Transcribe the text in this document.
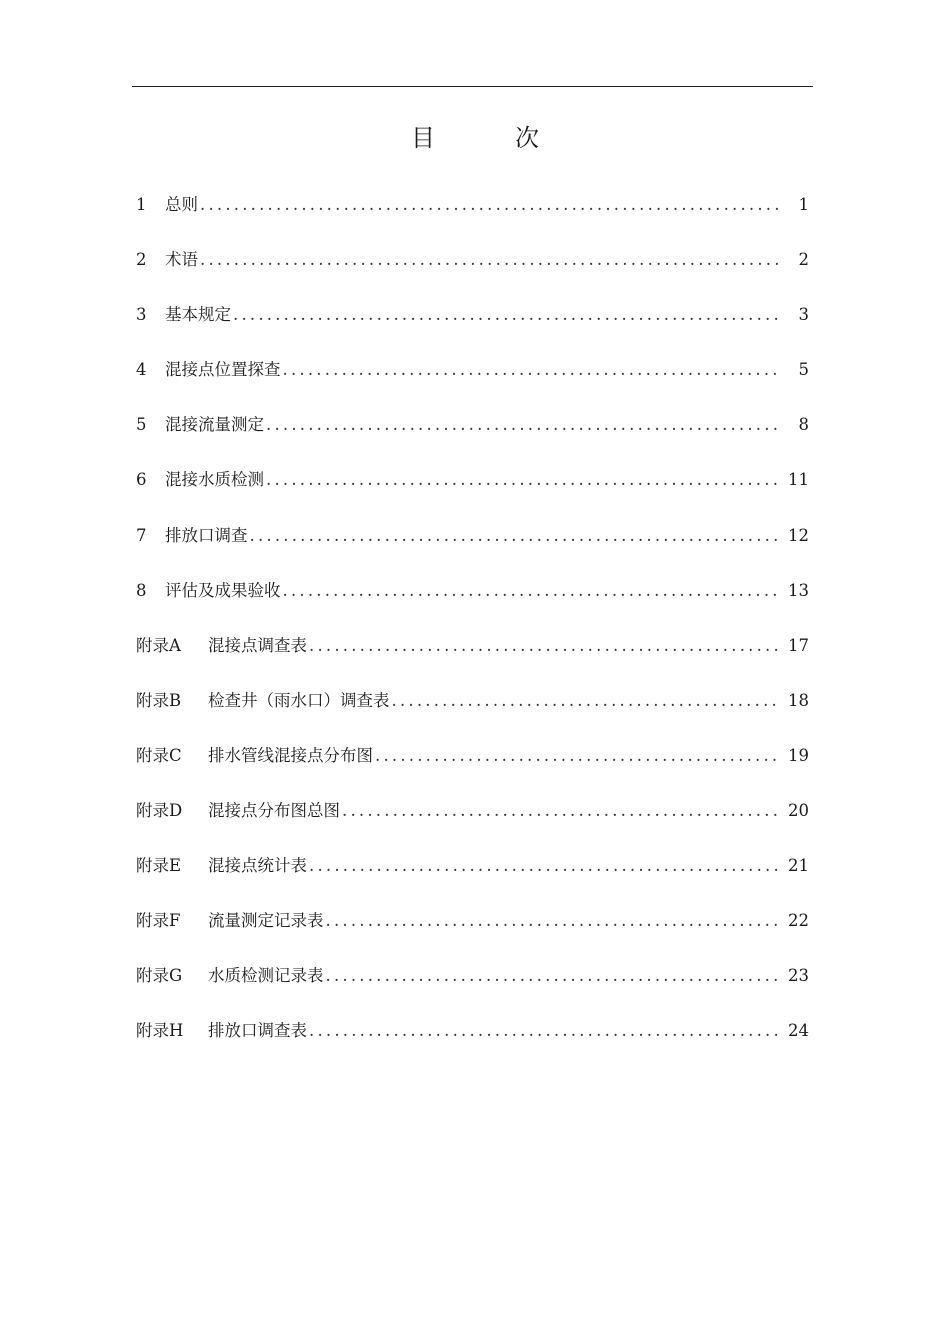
目　次
1	总则 .....	1
2	术语 .....	2
3	基本规定 .....	3
4	混接点位置探查 .....	5
5	混接流量测定 .....	8
6	混接水质检测 .....	11
7	排放口调查 .....	12
8	评估及成果验收 .....	13
附录A	混接点调查表 .....	17
附录B	检查井（雨水口）调查表 .....	18
附录C	排水管线混接点分布图 .....	19
附录D	混接点分布图总图 .....	20
附录E	混接点统计表 .....	21
附录F	流量测定记录表 .....	22
附录G	水质检测记录表 .....	23
附录H	排放口调查表 .....	24
